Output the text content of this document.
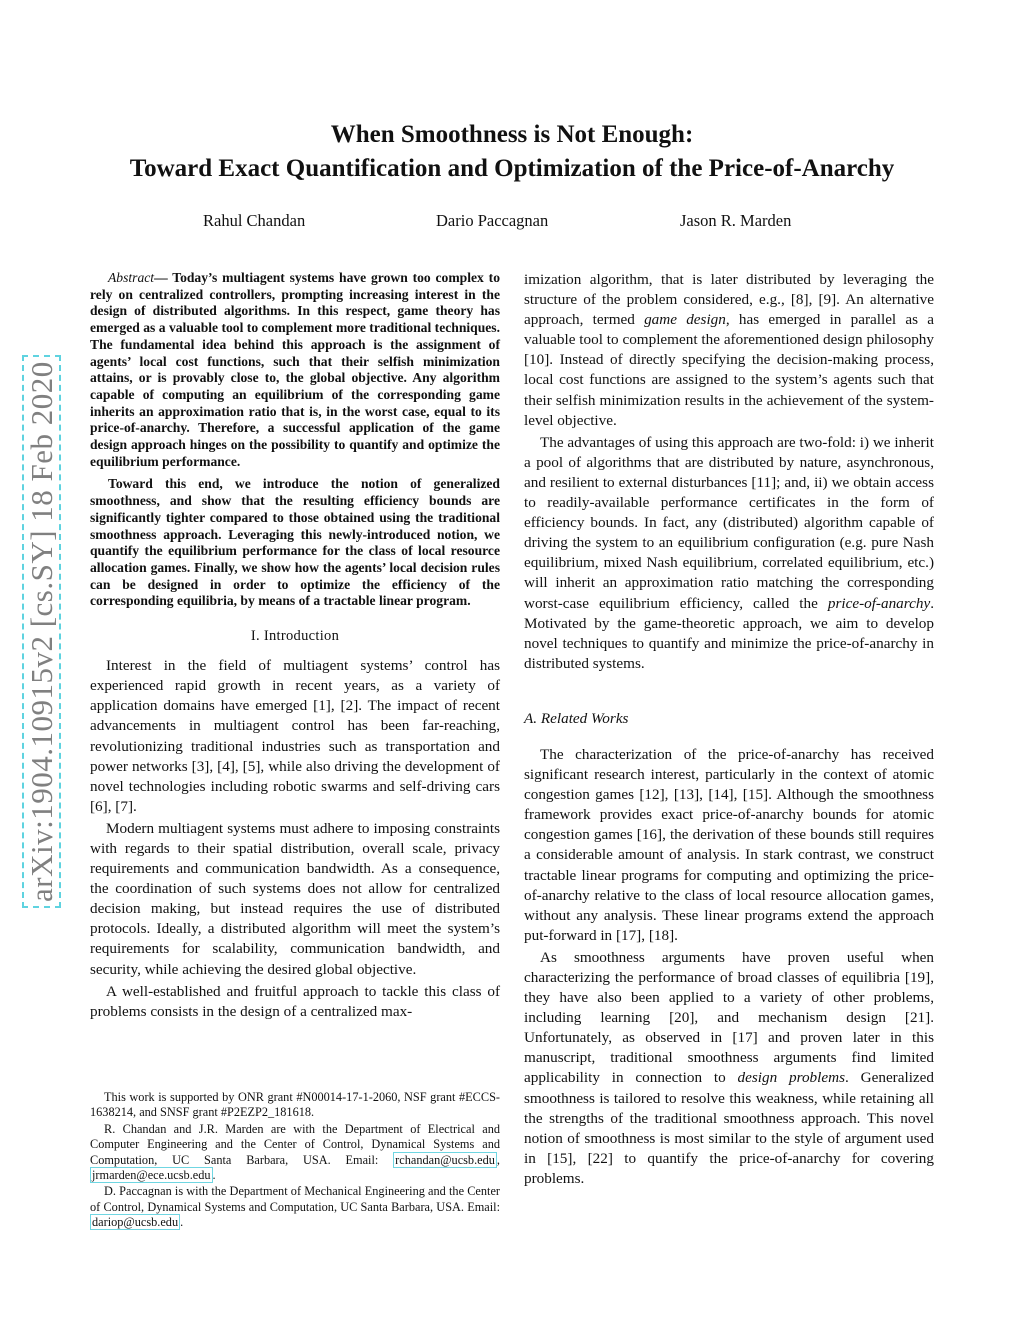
arXiv:1904.10915v2 [cs.SY] 18 Feb 2020
When Smoothness is Not Enough:
Toward Exact Quantification and Optimization of the Price-of-Anarchy
Rahul Chandan	Dario Paccagnan	Jason R. Marden

Abstract— Today’s multiagent systems have grown too complex to rely on centralized controllers, prompting increasing interest in the design of distributed algorithms. In this respect, game theory has emerged as a valuable tool to complement more traditional techniques. The fundamental idea behind this approach is the assignment of agents’ local cost functions, such that their selfish minimization attains, or is provably close to, the global objective. Any algorithm capable of computing an equilibrium of the corresponding game inherits an approximation ratio that is, in the worst case, equal to its price-of-anarchy. Therefore, a successful application of the game design approach hinges on the possibility to quantify and optimize the equilibrium performance.

Toward this end, we introduce the notion of generalized smoothness, and show that the resulting efficiency bounds are significantly tighter compared to those obtained using the traditional smoothness approach. Leveraging this newly-introduced notion, we quantify the equilibrium performance for the class of local resource allocation games. Finally, we show how the agents’ local decision rules can be designed in order to optimize the efficiency of the corresponding equilibria, by means of a tractable linear program.

I. Introduction

Interest in the field of multiagent systems’ control has experienced rapid growth in recent years, as a variety of application domains have emerged [1], [2]. The impact of recent advancements in multiagent control has been far-reaching, revolutionizing traditional industries such as transportation and power networks [3], [4], [5], while also driving the development of novel technologies including robotic swarms and self-driving cars [6], [7].

Modern multiagent systems must adhere to imposing constraints with regards to their spatial distribution, overall scale, privacy requirements and communication bandwidth. As a consequence, the coordination of such systems does not allow for centralized decision making, but instead requires the use of distributed protocols. Ideally, a distributed algorithm will meet the system’s requirements for scalability, communication bandwidth, and security, while achieving the desired global objective.

A well-established and fruitful approach to tackle this class of problems consists in the design of a centralized max-

This work is supported by ONR grant #N00014-17-1-2060, NSF grant #ECCS-1638214, and SNSF grant #P2EZP2_181618.

R. Chandan and J.R. Marden are with the Department of Electrical and Computer Engineering and the Center of Control, Dynamical Systems and Computation, UC Santa Barbara, USA. Email: rchandan@ucsb.edu , jrmarden@ece.ucsb.edu .

D. Paccagnan is with the Department of Mechanical Engineering and the Center of Control, Dynamical Systems and Computation, UC Santa Barbara, USA. Email: dariop@ucsb.edu .

imization algorithm, that is later distributed by leveraging the structure of the problem considered, e.g., [8], [9]. An alternative approach, termed game design, has emerged in parallel as a valuable tool to complement the aforementioned design philosophy [10]. Instead of directly specifying the decision-making process, local cost functions are assigned to the system’s agents such that their selfish minimization results in the achievement of the system-level objective.

The advantages of using this approach are two-fold: i) we inherit a pool of algorithms that are distributed by nature, asynchronous, and resilient to external disturbances [11]; and, ii) we obtain access to readily-available performance certificates in the form of efficiency bounds. In fact, any (distributed) algorithm capable of driving the system to an equilibrium configuration (e.g. pure Nash equilibrium, mixed Nash equilibrium, correlated equilibrium, etc.) will inherit an approximation ratio matching the corresponding worst-case equilibrium efficiency, called the price-of-anarchy. Motivated by the game-theoretic approach, we aim to develop novel techniques to quantify and minimize the price-of-anarchy in distributed systems.

A. Related Works

The characterization of the price-of-anarchy has received significant research interest, particularly in the context of atomic congestion games [12], [13], [14], [15]. Although the smoothness framework provides exact price-of-anarchy bounds for atomic congestion games [16], the derivation of these bounds still requires a considerable amount of analysis. In stark contrast, we construct tractable linear programs for computing and optimizing the price-of-anarchy relative to the class of local resource allocation games, without any analysis. These linear programs extend the approach put-forward in [17], [18].

As smoothness arguments have proven useful when characterizing the performance of broad classes of equilibria [19], they have also been applied to a variety of other problems, including learning [20], and mechanism design [21]. Unfortunately, as observed in [17] and proven later in this manuscript, traditional smoothness arguments find limited applicability in connection to design problems. Generalized smoothness is tailored to resolve this weakness, while retaining all the strengths of the traditional smoothness approach. This novel notion of smoothness is most similar to the style of argument used in [15], [22] to quantify the price-of-anarchy for covering problems.
